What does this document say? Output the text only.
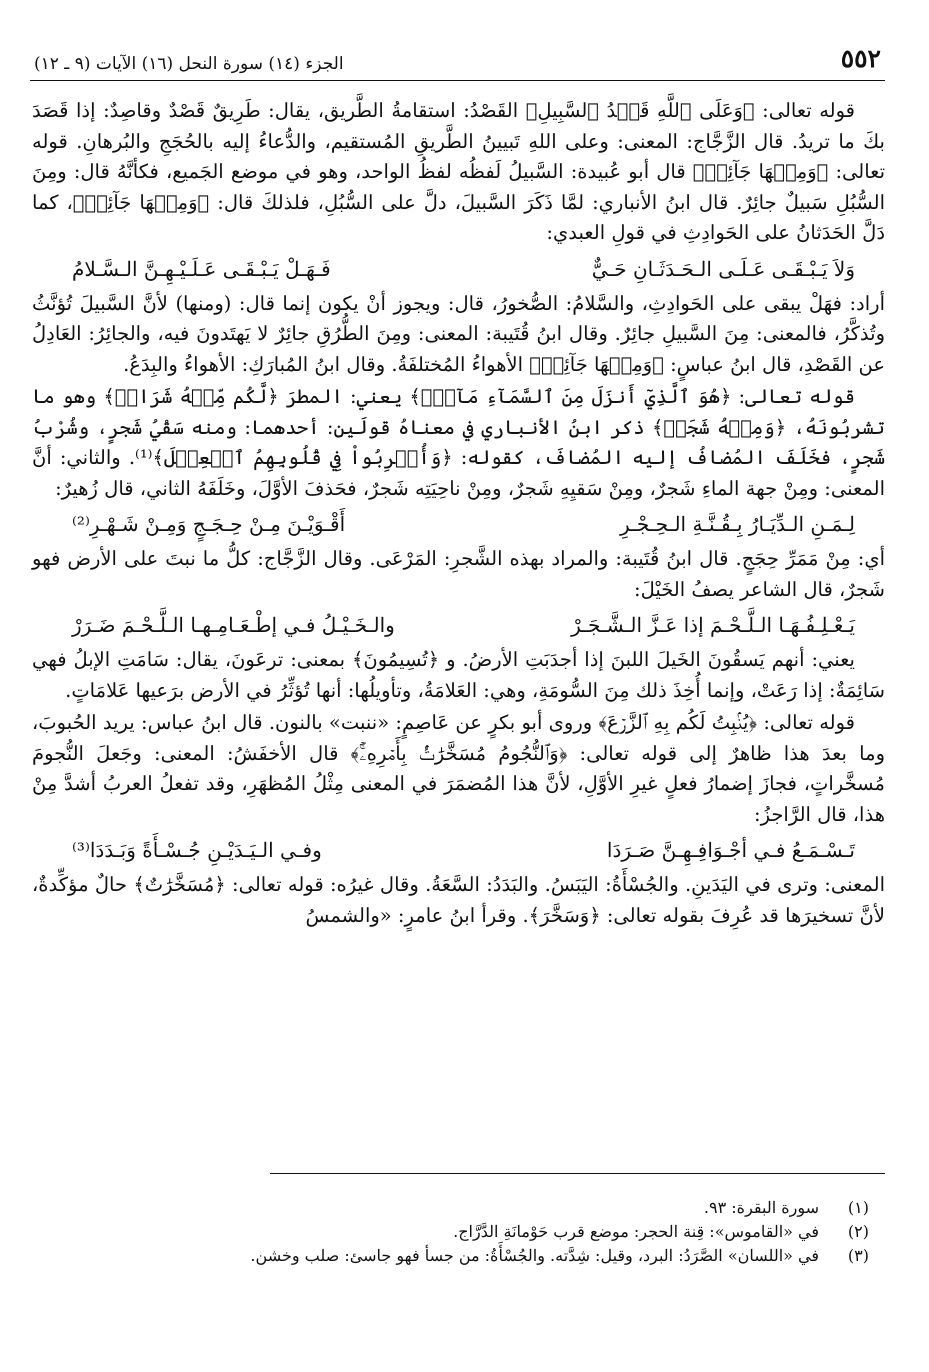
٥٥٢
الجزء (١٤) سورة النحل (١٦) الآيات (٩ ـ ١٢)

قوله تعالى: ﴿وَعَلَى ٱللَّهِ قَصۡدُ ٱلسَّبِيلِ﴾ القَصْدُ: استقامةُ الطَّريق، يقال: طَرِيقٌ قَصْدٌ وقاصِدٌ: إذا قَصَدَ بكَ ما تريدُ. قال الزَّجَّاج: المعنى: وعلى اللهِ تَبيينُ الطَّريقِ المُستقيم، والدُّعاءُ إليه بالحُجَجِ والبُرهانِ. قوله تعالى: ﴿وَمِنۡهَا جَآئِرٞ﴾ قال أبو عُبيدة: السَّبيلُ لَفظُه لفظُ الواحد، وهو في موضع الجَميع، فكأنَّهُ قال: ومِنَ السُّبُلِ سَبيلٌ جائِرٌ. قال ابنُ الأنباري: لمَّا ذَكَرَ السَّبيلَ، دلَّ على السُّبُلِ، فلذلكَ قال: ﴿وَمِنۡهَا جَآئِرٞ﴾، كما دَلَّ الحَدَثانُ على الحَوادِثِ في قولِ العبدي:

وَلاَ يَـبْـقَـى عَـلَـى الـحَـدَثَـانِ حَـيٌّ
فَـهَـلْ يَـبْـقَـى عَـلَـيْـهِـنَّ الـسَّـلامُ

أراد: فهَلْ يبقى على الحَوادِثِ، والسَّلامُ: الصُّخورُ، قال: ويجوز أنْ يكون إنما قال: (ومنها) لأنَّ السَّبيلَ تُؤنَّثُ وتُذكَّرُ، فالمعنى: مِنَ السَّبيلِ جائِرٌ. وقال ابنُ قُتَيبة: المعنى: ومِنَ الطُّرُقِ جائِرٌ لا يَهتَدونَ فيه، والجائِرُ: العَادِلُ عن القَصْدِ، قال ابنُ عباسٍ: ﴿وَمِنۡهَا جَآئِرٞ﴾ الأهواءُ المُختلفَةُ. وقال ابنُ المُبارَكِ: الأهواءُ والبِدَعُ.

قوله تعالى: ﴿هُوَ ٱلَّذِيٓ أَنزَلَ مِنَ ٱلسَّمَآءِ مَآءٗۖ﴾ يعني: المطرَ ﴿لَّكُم مِّنۡهُ شَرَابٞ﴾ وهو ما تشربُونَهُ، ﴿وَمِنۡهُ شَجَرٞ﴾ ذكر ابنُ الأنباري في معناهُ قولَين: أحدهما: ومنه سَقْيُ شَجرٍ، وشُرْبُ شَجرٍ، فخَلَفَ المُضافُ إليه المُضافَ، كقوله: ﴿وَأُشۡرِبُواْ فِي قُلُوبِهِمُ ٱلۡعِجۡلَ﴾⁽¹⁾. والثاني: أنَّ المعنى: ومِنْ جهة الماءِ شَجرٌ، ومِنْ سَقيِهِ شَجرٌ، ومِنْ ناحِيَتِه شَجرٌ، فحَذفَ الأوَّلَ، وخَلَفَهُ الثاني، قال زُهيرٌ:

لِـمَـنِ الـدِّيَـارُ بِـقُـنَّـةِ الـحِـجْـرِ
أَقْـوَيْـنَ مِـنْ حِـجَـجٍ وَمِـنْ شَـهْـرِ⁽²⁾

أي: مِنْ مَمَرِّ حِجَجٍ. قال ابنُ قُتَيبة: والمراد بهذه الشَّجرِ: المَرْعَى. وقال الزَّجَّاج: كلُّ ما نبتَ على الأرض فهو شَجرٌ، قال الشاعر يصفُ الخَيْلَ:

يَـعْـلِـفُـهَـا الـلَّـحْـمَ إذا عَـزَّ الـشَّـجَـرْ
والـخَـيْـلُ فـي إطْـعَـامِـهـا الـلَّـحْـمَ ضَـرَرْ

يعني: أنهم يَسقُونَ الخَيلَ اللبنَ إذا أجدَبَتِ الأرضُ. و ﴿تُسِيمُونَ﴾ بمعنى: ترعَونَ، يقال: سَامَتِ الإبلُ فهي سَائِمَةٌ: إذا رَعَتْ، وإنما أُخِذَ ذلك مِنَ السُّومَةِ، وهي: العَلامَةُ، وتأويلُها: أنها تُؤثِّرُ في الأرض برَعيها عَلامَاتٍ.

قوله تعالى: ﴿يُنۢبِتُ لَكُم بِهِ ٱلزَّرۡعَ﴾ وروى أبو بكرٍ عن عَاصِمٍ: «ننبت» بالنون. قال ابنُ عباس: يريد الحُبوبَ، وما بعدَ هذا ظاهرٌ إلى قوله تعالى: ﴿وَٱلنُّجُومُ مُسَخَّرَٰتُۢ بِأَمۡرِهِۦٓۚ﴾ قال الأخفَشُ: المعنى: وجَعلَ النُّجومَ مُسخَّراتٍ، فجازَ إضمارُ فعلٍ غيرِ الأوَّلِ، لأنَّ هذا المُضمَرَ في المعنى مِثْلُ المُظهَرِ، وقد تفعلُ العربُ أشدَّ مِنْ هذا، قال الرَّاجزُ:

تَـسْـمَـعُ فـي أجْـوَافِـهِـنَّ صَـرَدَا
وفـي الـيَـدَيْـنِ جُـسْـأَةً وَبَـدَدَا⁽³⁾

المعنى: وترى في اليَدَينِ. والجُسْأَةُ: اليَبَسُ. والبَدَدُ: السَّعَةُ. وقال غيرُه: قوله تعالى: ﴿مُسَخَّرَٰتٌ﴾ حالٌ مؤكِّدةٌ، لأنَّ تسخيرَها قد عُرِفَ بقوله تعالى: ﴿وَسَخَّرَ﴾. وقرأ ابنُ عامرٍ: «والشمسُ

(١)
سورة البقرة: ٩٣.
(٢)
في «القاموس»: قِنة الحجر: موضع قرب حَوْمانَةِ الدَّرَّاج.
(٣)
في «اللسان» الصَّرَدُ: البرد، وقيل: شِدَّته. والجُسْأَةُ: من جسأ فهو جاسئ: صلب وخشن.
